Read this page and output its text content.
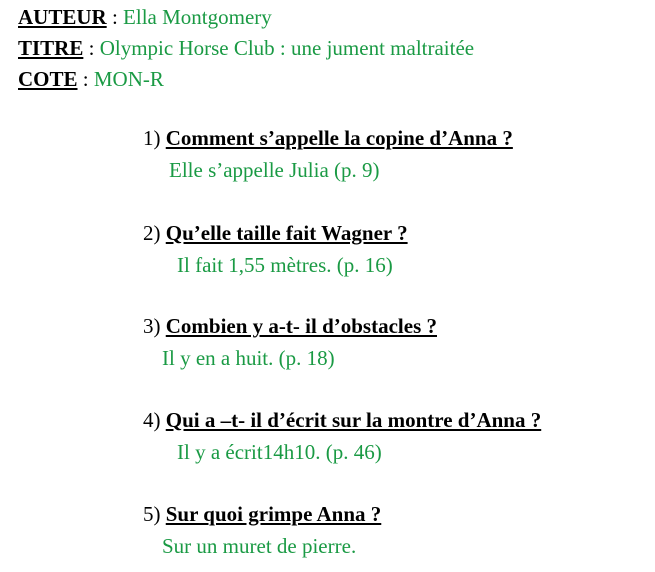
AUTEUR : Ella Montgomery
TITRE : Olympic Horse Club : une jument maltraitée
COTE : MON-R
1) Comment s’appelle la copine d’Anna ?
Elle s’appelle Julia (p. 9)
2) Qu’elle taille fait Wagner ?
Il fait 1,55 mètres. (p. 16)
3) Combien y a-t- il d’obstacles ?
Il y en a huit. (p. 18)
4) Qui a –t- il d’écrit sur la montre d’Anna ?
Il y a écrit14h10. (p. 46)
5) Sur quoi grimpe Anna ?
Sur un muret de pierre.
